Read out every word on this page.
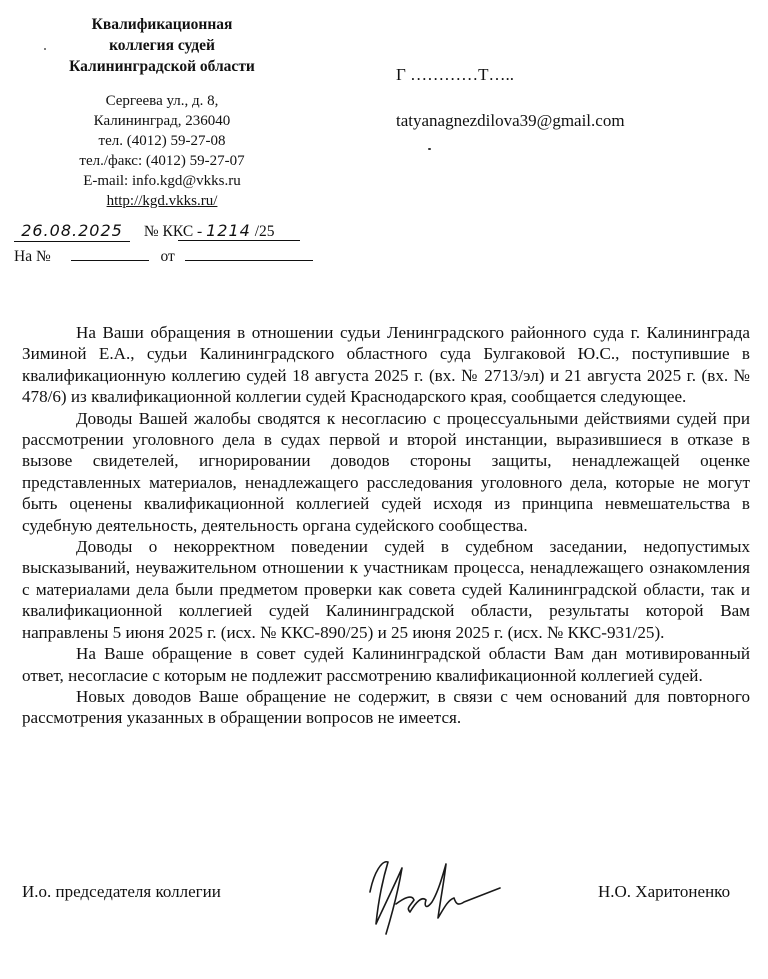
Квалификационная
коллегия судей
Калининградской области
Сергеева ул., д. 8,
Калининград, 236040
тел. (4012) 59-27-08
тел./факс: (4012) 59-27-07
E-mail: info.kgd@vkks.ru
http://kgd.vkks.ru/
26.08.2025 № ККС - 1214 /25
На №	от
Г …………Т…..
tatyanagnezdilova39@gmail.com

На Ваши обращения в отношении судьи Ленинградского районного суда г. Калининграда Зиминой Е.А., судьи Калининградского областного суда Булгаковой Ю.С., поступившие в квалификационную коллегию судей 18 августа 2025 г. (вх. № 2713/эл) и 21 августа 2025 г. (вх. № 478/6) из квалификационной коллегии судей Краснодарского края, сообщается следующее.

Доводы Вашей жалобы сводятся к несогласию с процессуальными действиями судей при рассмотрении уголовного дела в судах первой и второй инстанции, выразившиеся в отказе в вызове свидетелей, игнорировании доводов стороны защиты, ненадлежащей оценке представленных материалов, ненадлежащего расследования уголовного дела, которые не могут быть оценены квалификационной коллегией судей исходя из принципа невмешательства в судебную деятельность, деятельность органа судейского сообщества.

Доводы о некорректном поведении судей в судебном заседании, недопустимых высказываний, неуважительном отношении к участникам процесса, ненадлежащего ознакомления с материалами дела были предметом проверки как совета судей Калининградской области, так и квалификационной коллегией судей Калининградской области, результаты которой Вам направлены 5 июня 2025 г. (исх. № ККС-890/25) и 25 июня 2025 г. (исх. № ККС-931/25).

На Ваше обращение в совет судей Калининградской области Вам дан мотивированный ответ, несогласие с которым не подлежит рассмотрению квалификационной коллегией судей.

Новых доводов Ваше обращение не содержит, в связи с чем оснований для повторного рассмотрения указанных в обращении вопросов не имеется.

И.о. председателя коллегии	Н.О. Харитоненко
